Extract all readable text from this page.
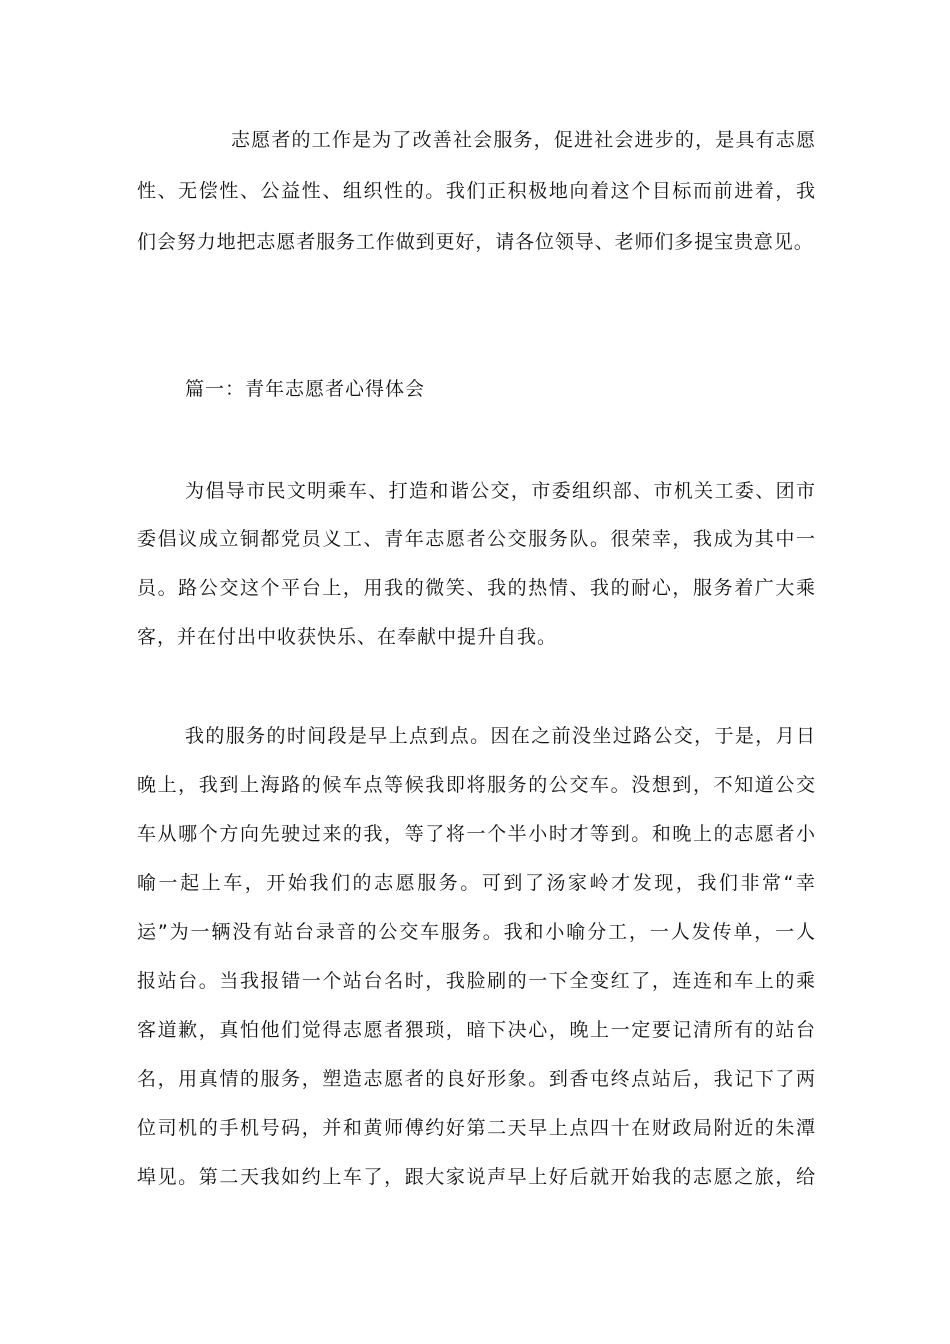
志愿者的工作是为了改善社会服务，促进社会进步的，是具有志愿

性、无偿性、公益性、组织性的。我们正积极地向着这个目标而前进着，我

们会努力地把志愿者服务工作做到更好，请各位领导、老师们多提宝贵意见。

篇一：青年志愿者心得体会

为倡导市民文明乘车、打造和谐公交，市委组织部、市机关工委、团市

委倡议成立铜都党员义工、青年志愿者公交服务队。很荣幸，我成为其中一

员。路公交这个平台上，用我的微笑、我的热情、我的耐心，服务着广大乘

客，并在付出中收获快乐、在奉献中提升自我。

我的服务的时间段是早上点到点。因在之前没坐过路公交，于是，月日

晚上，我到上海路的候车点等候我即将服务的公交车。没想到，不知道公交

车从哪个方向先驶过来的我，等了将一个半小时才等到。和晚上的志愿者小

喻一起上车，开始我们的志愿服务。可到了汤家岭才发现，我们非常“幸

运”为一辆没有站台录音的公交车服务。我和小喻分工，一人发传单，一人

报站台。当我报错一个站台名时，我脸刷的一下全变红了，连连和车上的乘

客道歉，真怕他们觉得志愿者猥琐，暗下决心，晚上一定要记清所有的站台

名，用真情的服务，塑造志愿者的良好形象。到香屯终点站后，我记下了两

位司机的手机号码，并和黄师傅约好第二天早上点四十在财政局附近的朱潭

埠见。第二天我如约上车了，跟大家说声早上好后就开始我的志愿之旅，给
